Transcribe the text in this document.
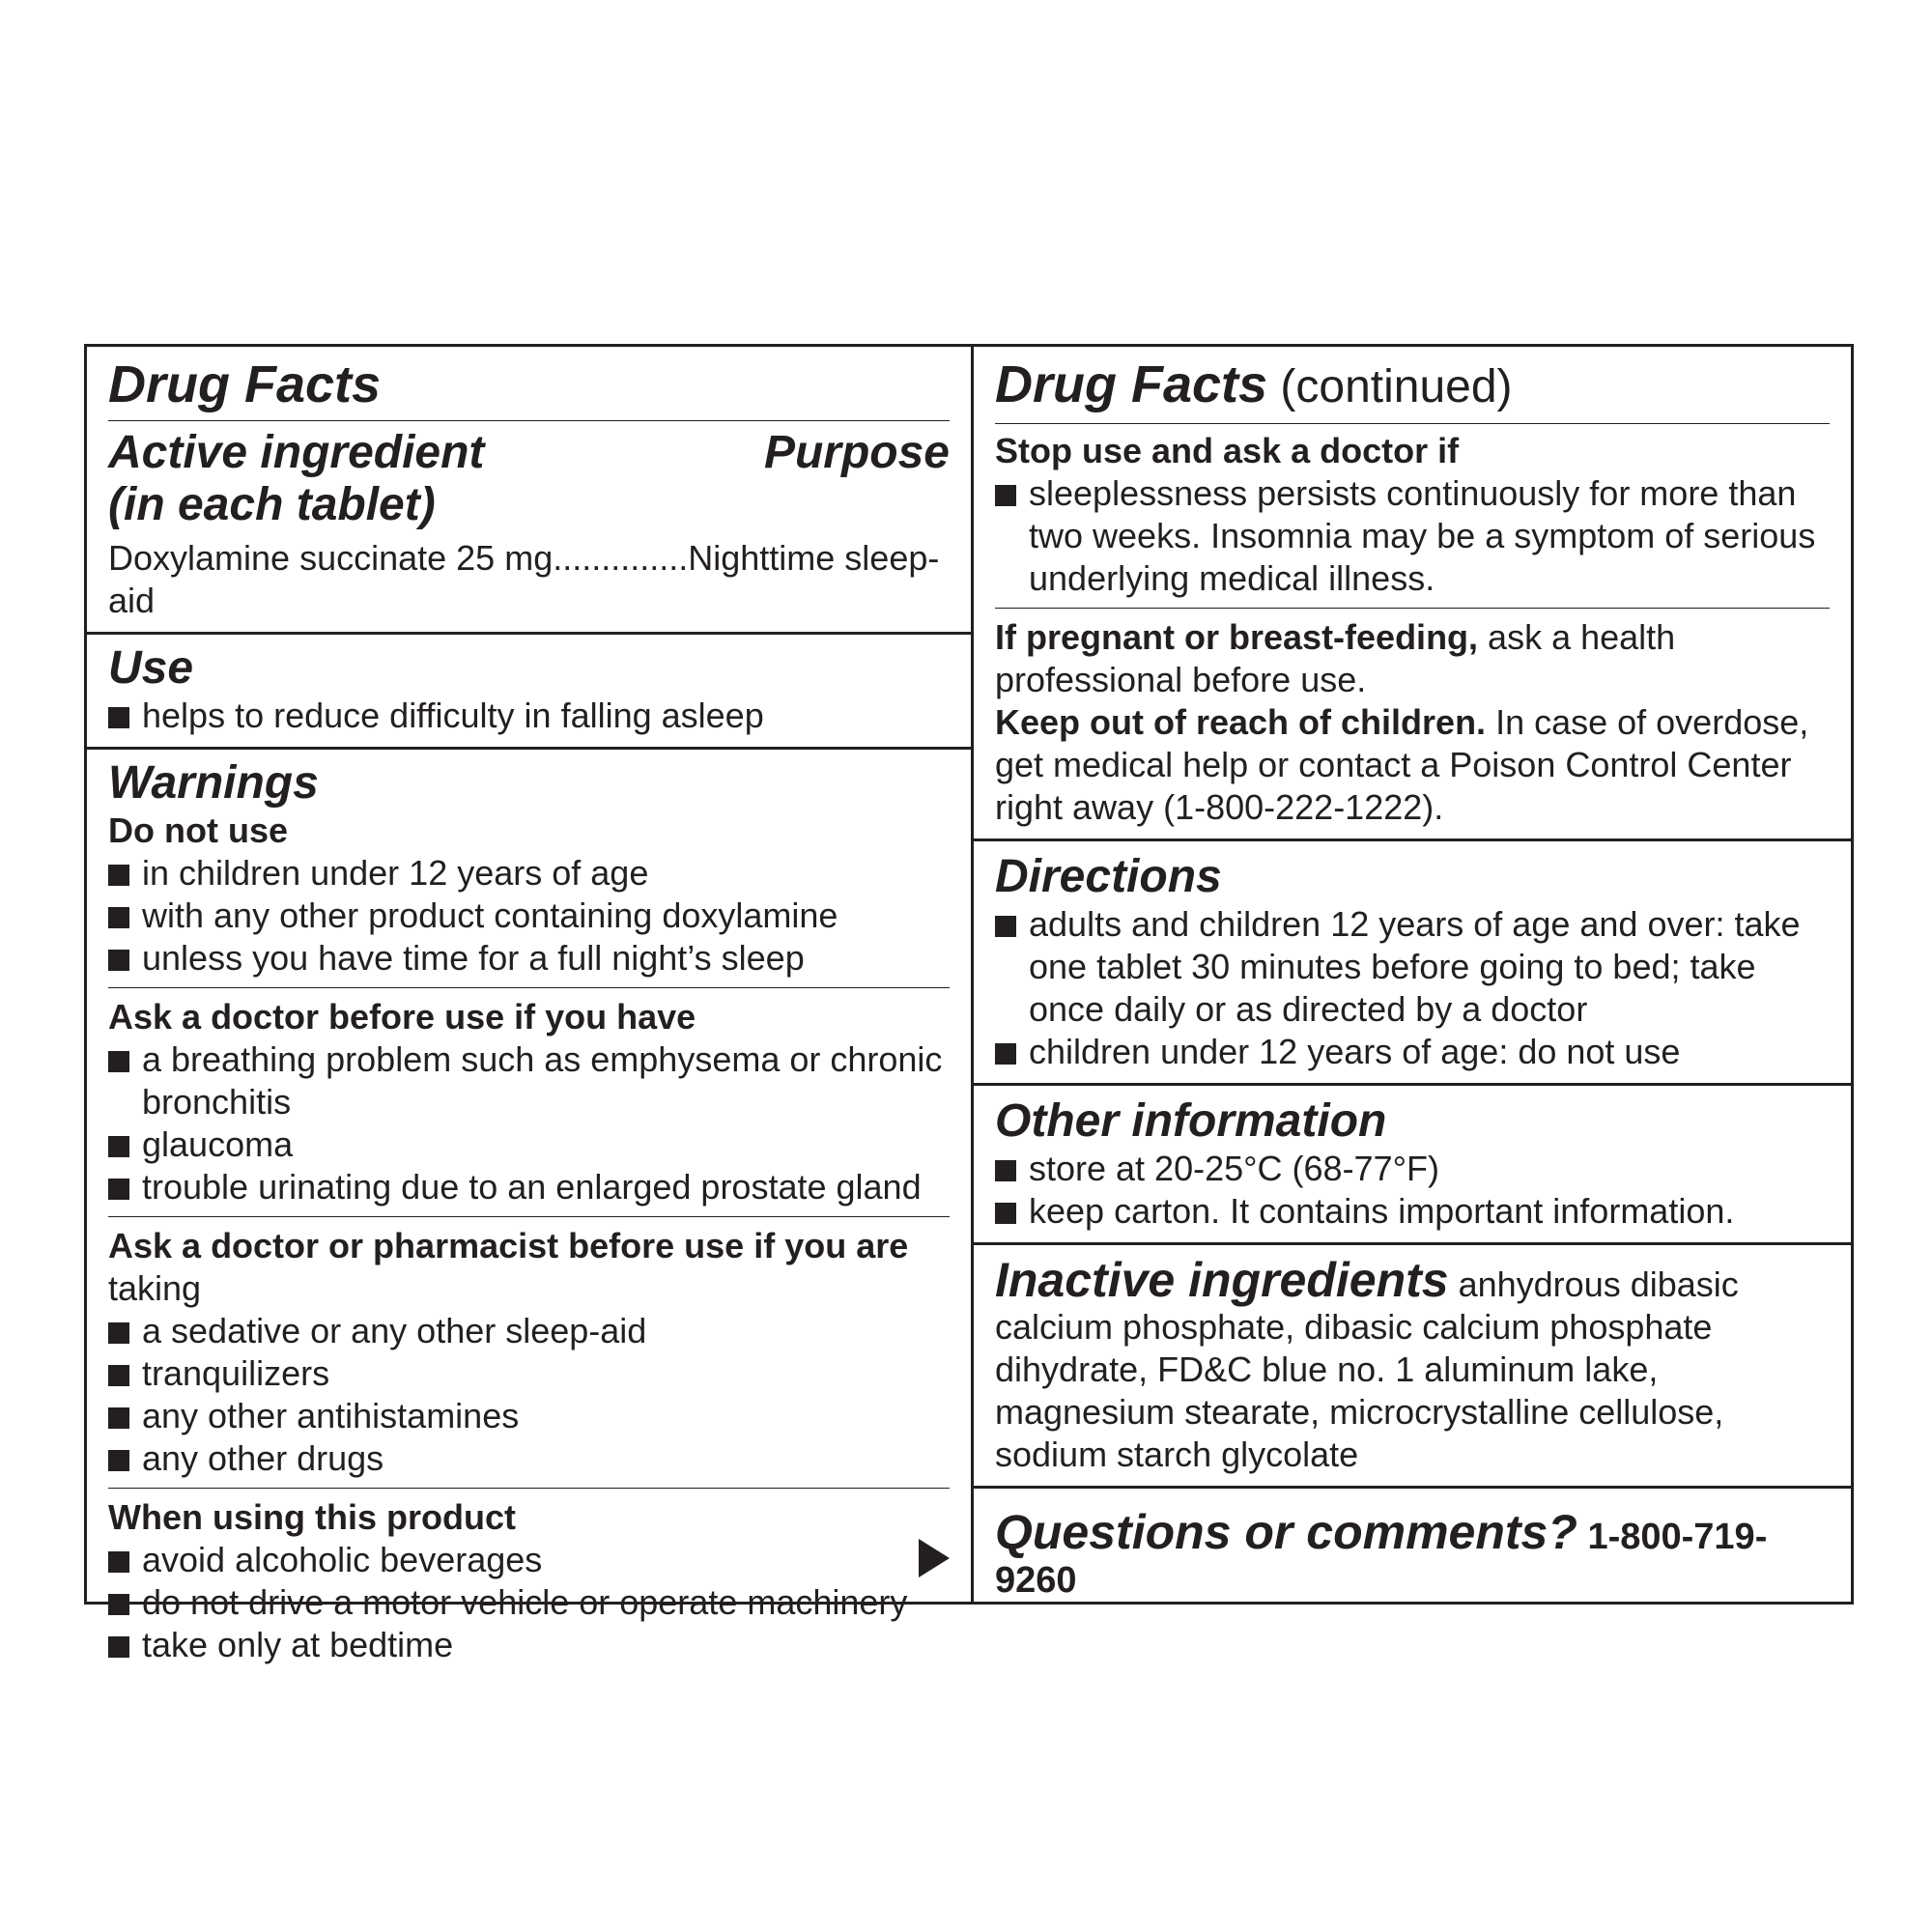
Drug Facts
Active ingredient
(in each tablet)
Purpose
Doxylamine succinate 25 mg..............Nighttime sleep-aid
Use
helps to reduce difficulty in falling asleep
Warnings
Do not use
in children under 12 years of age
with any other product containing doxylamine
unless you have time for a full night’s sleep
Ask a doctor before use if you have
a breathing problem such as emphysema or chronic bronchitis
glaucoma
trouble urinating due to an enlarged prostate gland
Ask a doctor or pharmacist before use if you are taking
a sedative or any other sleep-aid
tranquilizers
any other antihistamines
any other drugs
When using this product
avoid alcoholic beverages
do not drive a motor vehicle or operate machinery
take only at bedtime
Drug Facts (continued)
Stop use and ask a doctor if
sleeplessness persists continuously for more than two weeks. Insomnia may be a symptom of serious underlying medical illness.
If pregnant or breast-feeding, ask a health professional before use.
Keep out of reach of children. In case of overdose, get medical help or contact a Poison Control Center right away (1-800-222-1222).
Directions
adults and children 12 years of age and over: take one tablet 30 minutes before going to bed; take once daily or as directed by a doctor
children under 12 years of age: do not use
Other information
store at 20-25°C (68-77°F)
keep carton. It contains important information.
Inactive ingredients anhydrous dibasic calcium phosphate, dibasic calcium phosphate dihydrate, FD&C blue no. 1 aluminum lake, magnesium stearate, microcrystalline cellulose, sodium starch glycolate
Questions or comments? 1-800-719-9260
